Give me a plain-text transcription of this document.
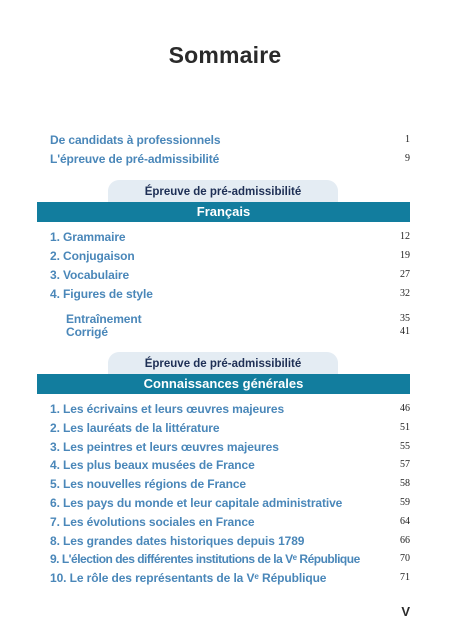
Sommaire
De candidats à professionnels	1
L'épreuve de pré-admissibilité	9
Épreuve de pré-admissibilité
Français
1. Grammaire	12
2. Conjugaison	19
3. Vocabulaire	27
4. Figures de style	32
Entraînement	35
Corrigé	41
Épreuve de pré-admissibilité
Connaissances générales
1. Les écrivains et leurs œuvres majeures	46
2. Les lauréats de la littérature	51
3. Les peintres et leurs œuvres majeures	55
4. Les plus beaux musées de France	57
5. Les nouvelles régions de France	58
6. Les pays du monde et leur capitale administrative	59
7. Les évolutions sociales en France	64
8. Les grandes dates historiques depuis 1789	66
9. L'élection des différentes institutions de la Vᵉ République	70
10. Le rôle des représentants de la Vᵉ République	71
V
